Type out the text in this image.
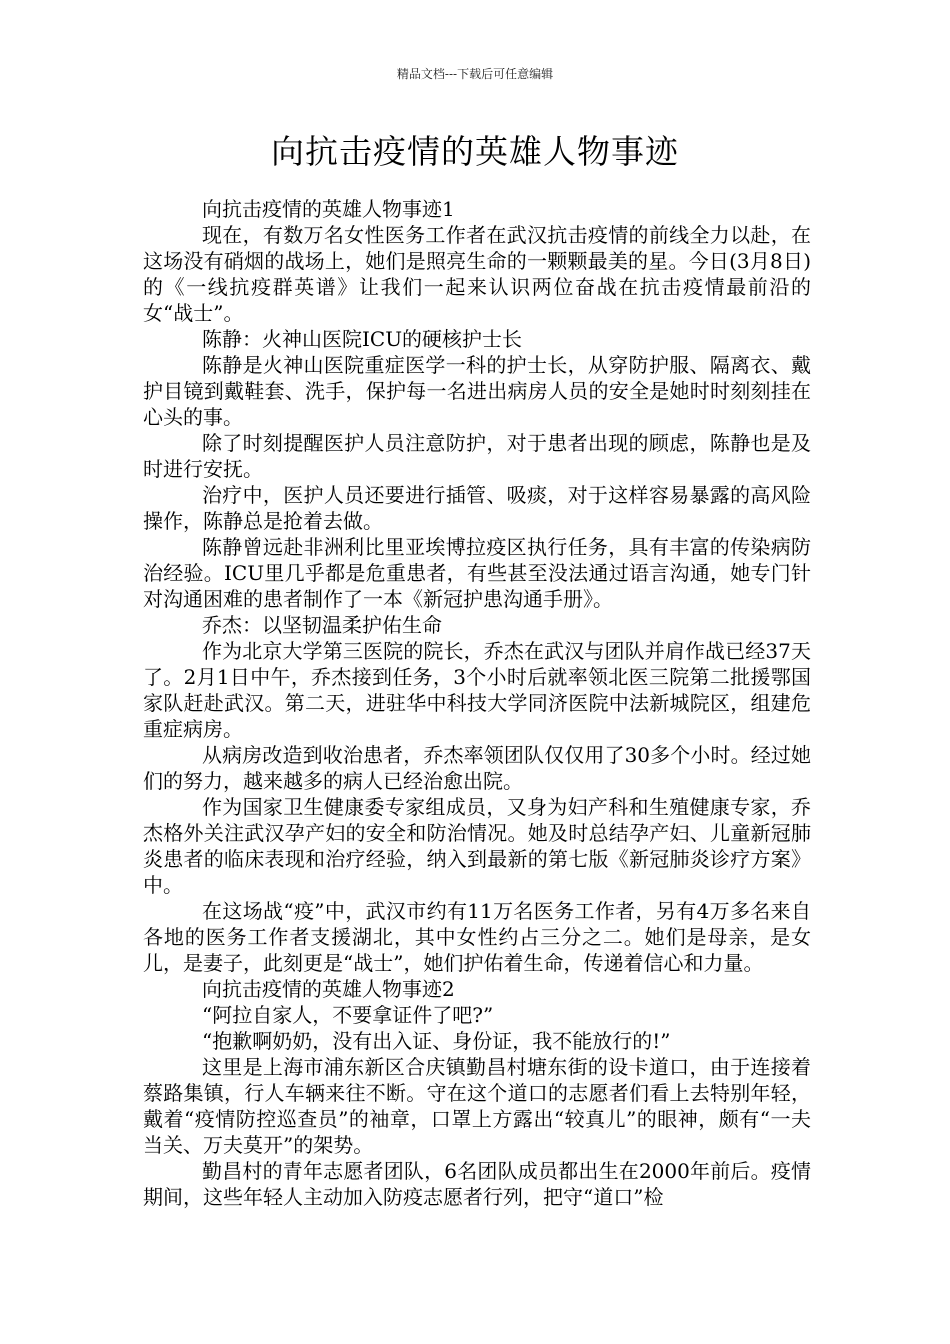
精品文档---下载后可任意编辑
向抗击疫情的英雄人物事迹

向抗击疫情的英雄人物事迹1

现在，有数万名女性医务工作者在武汉抗击疫情的前线全力以赴，在这场没有硝烟的战场上，她们是照亮生命的一颗颗最美的星。今日(3月8日)的《一线抗疫群英谱》让我们一起来认识两位奋战在抗击疫情最前沿的女“战士”。

陈静：火神山医院ICU的硬核护士长

陈静是火神山医院重症医学一科的护士长，从穿防护服、隔离衣、戴护目镜到戴鞋套、洗手，保护每一名进出病房人员的安全是她时时刻刻挂在心头的事。

除了时刻提醒医护人员注意防护，对于患者出现的顾虑，陈静也是及时进行安抚。

治疗中，医护人员还要进行插管、吸痰，对于这样容易暴露的高风险操作，陈静总是抢着去做。

陈静曾远赴非洲利比里亚埃博拉疫区执行任务，具有丰富的传染病防治经验。ICU里几乎都是危重患者，有些甚至没法通过语言沟通，她专门针对沟通困难的患者制作了一本《新冠护患沟通手册》。

乔杰：以坚韧温柔护佑生命

作为北京大学第三医院的院长，乔杰在武汉与团队并肩作战已经37天了。2月1日中午，乔杰接到任务，3个小时后就率领北医三院第二批援鄂国家队赶赴武汉。第二天，进驻华中科技大学同济医院中法新城院区，组建危重症病房。

从病房改造到收治患者，乔杰率领团队仅仅用了30多个小时。经过她们的努力，越来越多的病人已经治愈出院。

作为国家卫生健康委专家组成员，又身为妇产科和生殖健康专家，乔杰格外关注武汉孕产妇的安全和防治情况。她及时总结孕产妇、儿童新冠肺炎患者的临床表现和治疗经验，纳入到最新的第七版《新冠肺炎诊疗方案》中。

在这场战“疫”中，武汉市约有11万名医务工作者，另有4万多名来自各地的医务工作者支援湖北，其中女性约占三分之二。她们是母亲，是女儿，是妻子，此刻更是“战士”，她们护佑着生命，传递着信心和力量。

向抗击疫情的英雄人物事迹2

“阿拉自家人，不要拿证件了吧?”

“抱歉啊奶奶，没有出入证、身份证，我不能放行的!”

这里是上海市浦东新区合庆镇勤昌村塘东街的设卡道口，由于连接着蔡路集镇，行人车辆来往不断。守在这个道口的志愿者们看上去特别年轻，戴着“疫情防控巡查员”的袖章，口罩上方露出“较真儿”的眼神，颇有“一夫当关、万夫莫开”的架势。

勤昌村的青年志愿者团队，6名团队成员都出生在2000年前后。疫情期间，这些年轻人主动加入防疫志愿者行列，把守“道口”检
